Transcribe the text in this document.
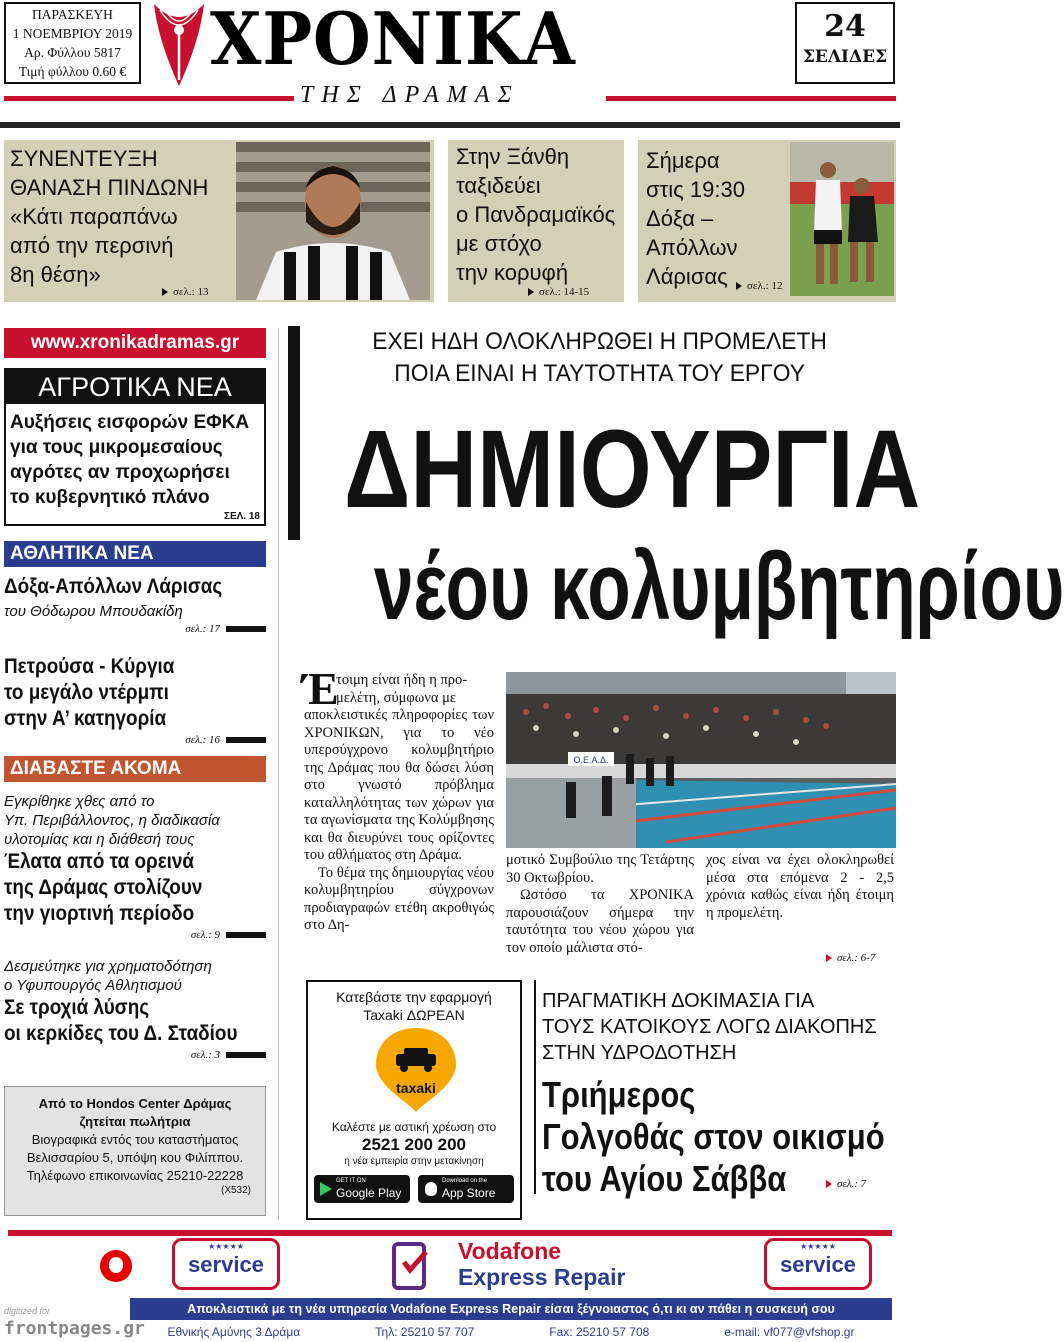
ΠΑΡΑΣΚΕΥΗ
1 ΝΟΕΜΒΡΙΟΥ 2019
Αρ. Φύλλου 5817
Τιμή φύλλου 0.60 € ΧΡΟΝΙΚΑ
ΤΗΣ ΔΡΑΜΑΣ
24
ΣΕΛΙΔΕΣ
ΣΥΝΕΝΤΕΥΞΗ
ΘΑΝΑΣΗ ΠΙΝΔΩΝΗ
«Κάτι παραπάνω
από την περσινή
8η θέση»
σελ.: 13
Στην Ξάνθη
ταξιδεύει
ο Πανδραμαϊκός
με στόχο
την κορυφή
σελ.: 14-15
Σήμερα
στις 19:30
Δόξα –
Απόλλων
Λάρισας	σελ.: 12
www.xronikadramas.gr
ΑΓΡΟΤΙΚΑ ΝΕΑ
Αυξήσεις εισφορών ΕΦΚΑ
για τους μικρομεσαίους
αγρότες αν προχωρήσει
το κυβερνητικό πλάνο
ΣΕΛ. 18
ΑΘΛΗΤΙΚΑ ΝΕΑ
Δόξα-Απόλλων Λάρισας
του Θόδωρου Μπουδακίδη
σελ.: 17
Πετρούσα - Κύργια
το μεγάλο ντέρμπι
στην Α’ κατηγορία
σελ.: 16
ΔΙΑΒΑΣΤΕ ΑΚΟΜΑ
Εγκρίθηκε χθες από το
Υπ. Περιβάλλοντος, η διαδικασία
υλοτομίας και η διάθεσή τους
Έλατα από τα ορεινά
της Δράμας στολίζουν
την γιορτινή περίοδο
σελ.: 9
Δεσμεύτηκε για χρηματοδότηση
ο Υφυπουργός Αθλητισμού
Σε τροχιά λύσης
οι κερκίδες του Δ. Σταδίου
σελ.: 3
Από το Hondos Center Δράμας
ζητείται πωλήτρια
Βιογραφικά εντός του καταστήματος
Βελισσαρίου 5, υπόψη κου Φιλίππου.
Τηλέφωνο επικοινωνίας 25210-22228
(Χ532)
ΕΧΕΙ ΗΔΗ ΟΛΟΚΛΗΡΩΘΕΙ Η ΠΡΟΜΕΛΕΤΗ
ΠΟΙΑ ΕΙΝΑΙ Η ΤΑΥΤΟΤΗΤΑ ΤΟΥ ΕΡΓΟΥ
ΔΗΜΙΟΥΡΓΙΑ
νέου κολυμβητηρίου
Έ
τοιμη είναι ήδη η προ-
μελέτη, σύμφωνα με
αποκλειστικές πληροφορίες των ΧΡΟΝΙΚΩΝ, για το νέο υπερσύγχρονο κολυμβητήριο της Δράμας που θα δώσει λύση στο γνωστό πρόβλημα καταλληλότητας των χώρων για τα αγωνίσματα της Κολύμβησης και θα διευρύνει τους ορίζοντες του αθλήματος στη Δράμα.
Το θέμα της δημιουργίας νέου κολυμβητηρίου σύγχρονων προδιαγραφών ετέθη ακροθιγώς στο Δη-
Ο.Ε.Α.Δ.
μοτικό Συμβούλιο της Τετάρτης 30 Οκτωβρίου.
Ωστόσο τα ΧΡΟΝΙΚΑ παρουσιάζουν σήμερα την ταυτότητα του νέου χώρου για τον οποίο μάλιστα στό-
χος είναι να έχει ολοκληρωθεί μέσα στα επόμενα 2 - 2,5 χρόνια καθώς είναι ήδη έτοιμη η προμελέτη.
σελ.: 6-7
Κατεβάστε την εφαρμογή
Taxaki ΔΩΡΕΑΝ
taxaki
Καλέστε με αστική χρέωση στο
2521 200 200
η νέα εμπειρία στην μετακίνηση
GET IT ON
Google Play
Download on the
App Store
ΠΡΑΓΜΑΤΙΚΗ ΔΟΚΙΜΑΣΙΑ ΓΙΑ
ΤΟΥΣ ΚΑΤΟΙΚΟΥΣ ΛΟΓΩ ΔΙΑΚΟΠΗΣ
ΣΤΗΝ ΥΔΡΟΔΟΤΗΣΗ
Τριήμερος
Γολγοθάς στον οικισμό
του Αγίου Σάββα	σελ.: 7
★★★★★
service
Vodafone
Express Repair
★★★★★
service
Αποκλειστικά με τη νέα υπηρεσία Vodafone Express Repair είσαι ξέγνοιαστος ό,τι κι αν πάθει η συσκευή σου
Εθνικής Αμύνης 3 Δράμα	Τηλ: 25210 57 707	Fax: 25210 57 708	e-mail: vf077@vfshop.gr
digitized for
frontpages.gr
